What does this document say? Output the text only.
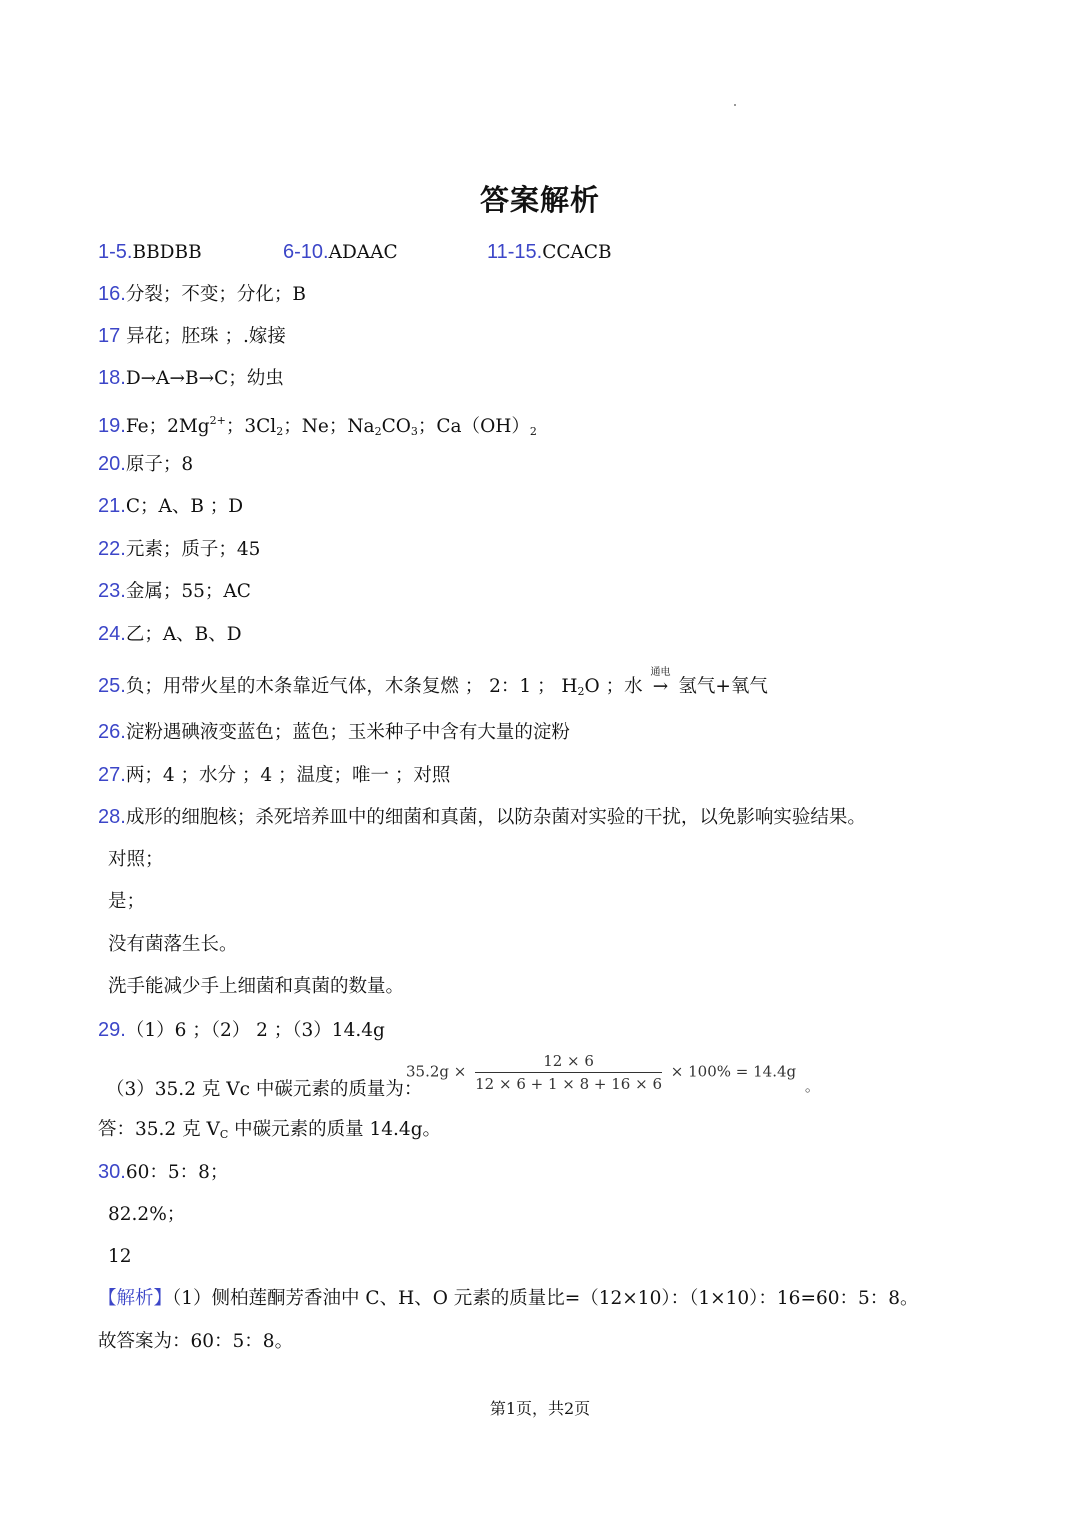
答案解析
1-5.BBDBB	6-10.ADAAC	11-15.CCACB
16.分裂；不变；分化；B
17 异花；胚珠 ；.嫁接
18.D→A→B→C；幼虫
19.Fe；$2Mg^{2+}$；$3Cl_2$；Ne；$Na_2CO_3$；$Ca(OH)_2$
20.原子；8
21.C；A、B ；D
22.元素；质子；45
23.金属；55；AC
24.乙；A、B、D
25.负；用带火星的木条靠近气体，木条复燃 ； 2：1 ； $H_2O$ ；水
通电
→ 氢气+氧气
26.淀粉遇碘液变蓝色；蓝色；玉米种子中含有大量的淀粉
27.两；4 ；水分 ；4 ；温度；唯一 ；对照
28.成形的细胞核；杀死培养皿中的细菌和真菌，以防杂菌对实验的干扰，以免影响实验结果。
对照；
是；
没有菌落生长。
洗手能减少手上细菌和真菌的数量。
29.（1）6 ；（2） 2 ；（3）14.4g
（3）35.2 克 Vc 中碳元素的质量为：
$35.2g \times \frac{12 \times 6}{12 \times 6 + 1 \times 8 + 16 \times 6} \times 100\% = 14.4g$ 。
答：35.2 克 $V_C$ 中碳元素的质量 14.4g。
30.60：5：8；
82.2%；
12
【解析】（1）侧柏莲酮芳香油中 C、H、O 元素的质量比=（12×10）：（1×10）：16=60：5：8。
故答案为：60：5：8。
第1页，共2页
